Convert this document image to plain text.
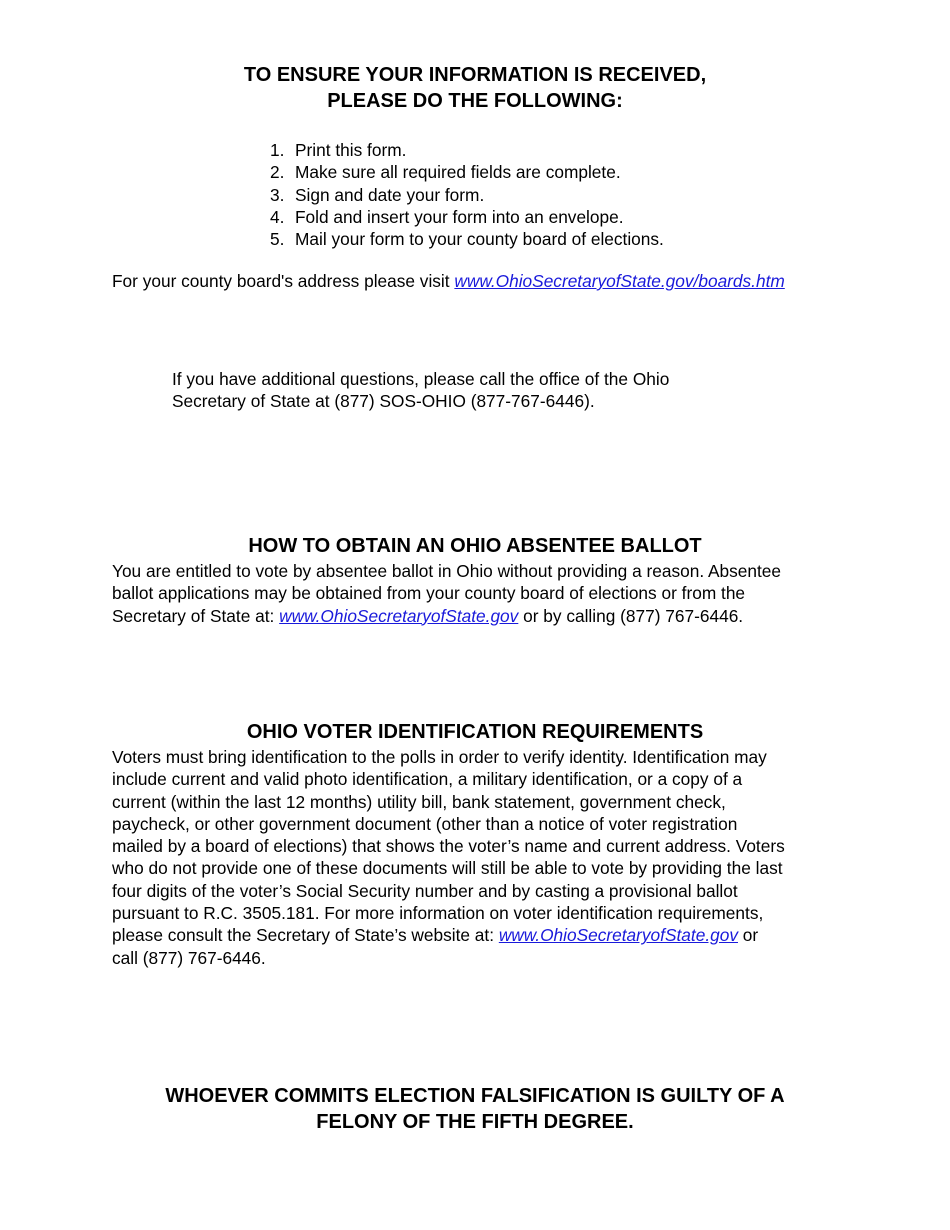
TO ENSURE YOUR INFORMATION IS RECEIVED,
PLEASE DO THE FOLLOWING:
1. Print this form.
2. Make sure all required fields are complete.
3. Sign and date your form.
4. Fold and insert your form into an envelope.
5. Mail your form to your county board of elections.
For your county board's address please visit www.OhioSecretaryofState.gov/boards.htm
If you have additional questions, please call the office of the Ohio
Secretary of State at (877) SOS-OHIO (877-767-6446).
HOW TO OBTAIN AN OHIO ABSENTEE BALLOT
You are entitled to vote by absentee ballot in Ohio without providing a reason. Absentee
ballot applications may be obtained from your county board of elections or from the
Secretary of State at: www.OhioSecretaryofState.gov or by calling (877) 767-6446.
OHIO VOTER IDENTIFICATION REQUIREMENTS
Voters must bring identification to the polls in order to verify identity. Identification may
include current and valid photo identification, a military identification, or a copy of a
current (within the last 12 months) utility bill, bank statement, government check,
paycheck, or other government document (other than a notice of voter registration
mailed by a board of elections) that shows the voter’s name and current address. Voters
who do not provide one of these documents will still be able to vote by providing the last
four digits of the voter’s Social Security number and by casting a provisional ballot
pursuant to R.C. 3505.181. For more information on voter identification requirements,
please consult the Secretary of State’s website at: www.OhioSecretaryofState.gov or
call (877) 767-6446.
WHOEVER COMMITS ELECTION FALSIFICATION IS GUILTY OF A
FELONY OF THE FIFTH DEGREE.
